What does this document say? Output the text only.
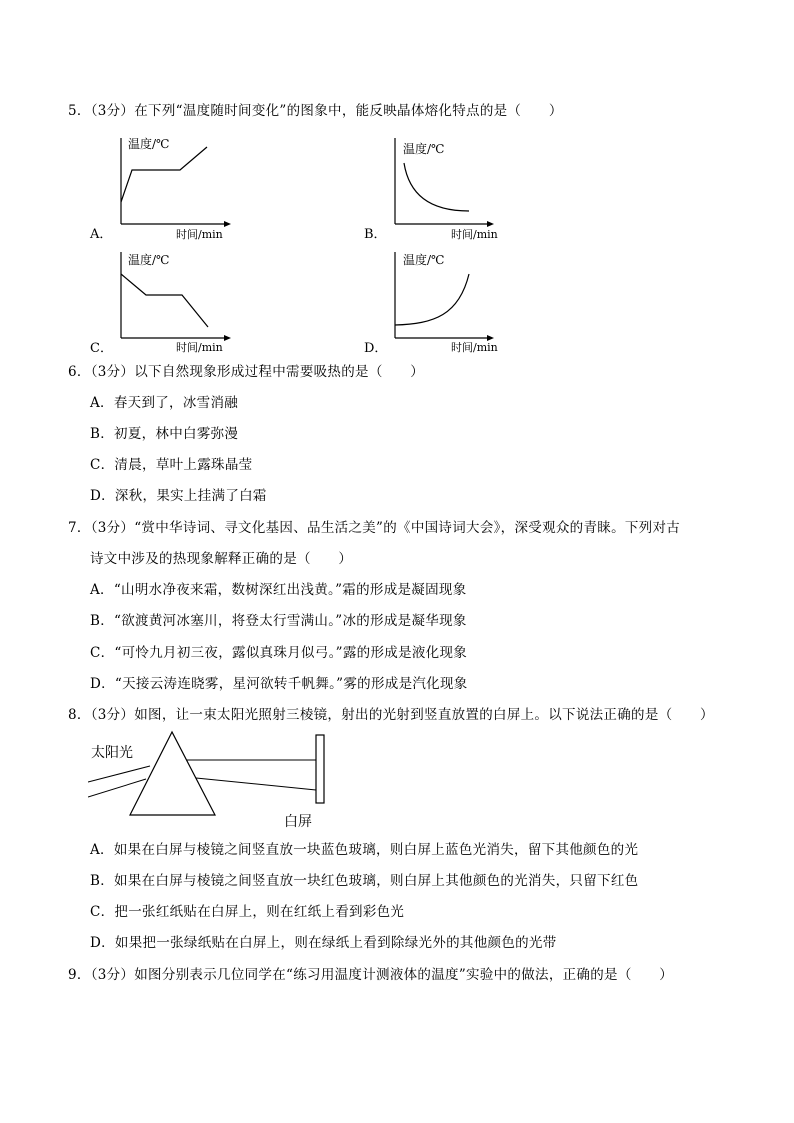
5．（3分）在下列“温度随时间变化”的图象中，能反映晶体熔化特点的是（　　）
温度/℃
时间/min
A．
温度/℃
时间/min
B．
温度/℃
时间/min
C．
温度/℃
时间/min
D．
6．（3分）以下自然现象形成过程中需要吸热的是（　　）
A．春天到了，冰雪消融
B．初夏，林中白雾弥漫
C．清晨，草叶上露珠晶莹
D．深秋，果实上挂满了白霜
7．（3分）“赏中华诗词、寻文化基因、品生活之美”的《中国诗词大会》，深受观众的青睐。下列对古
诗文中涉及的热现象解释正确的是（　　）
A．“山明水净夜来霜，数树深红出浅黄。”霜的形成是凝固现象
B．“欲渡黄河冰塞川，将登太行雪满山。”冰的形成是凝华现象
C．“可怜九月初三夜，露似真珠月似弓。”露的形成是液化现象
D．“天接云涛连晓雾，星河欲转千帆舞。”雾的形成是汽化现象
8．（3分）如图，让一束太阳光照射三棱镜，射出的光射到竖直放置的白屏上。以下说法正确的是（　　）
太阳光
白屏
A．如果在白屏与棱镜之间竖直放一块蓝色玻璃，则白屏上蓝色光消失，留下其他颜色的光
B．如果在白屏与棱镜之间竖直放一块红色玻璃，则白屏上其他颜色的光消失，只留下红色
C．把一张红纸贴在白屏上，则在红纸上看到彩色光
D．如果把一张绿纸贴在白屏上，则在绿纸上看到除绿光外的其他颜色的光带
9．（3分）如图分别表示几位同学在“练习用温度计测液体的温度”实验中的做法，正确的是（　　）
